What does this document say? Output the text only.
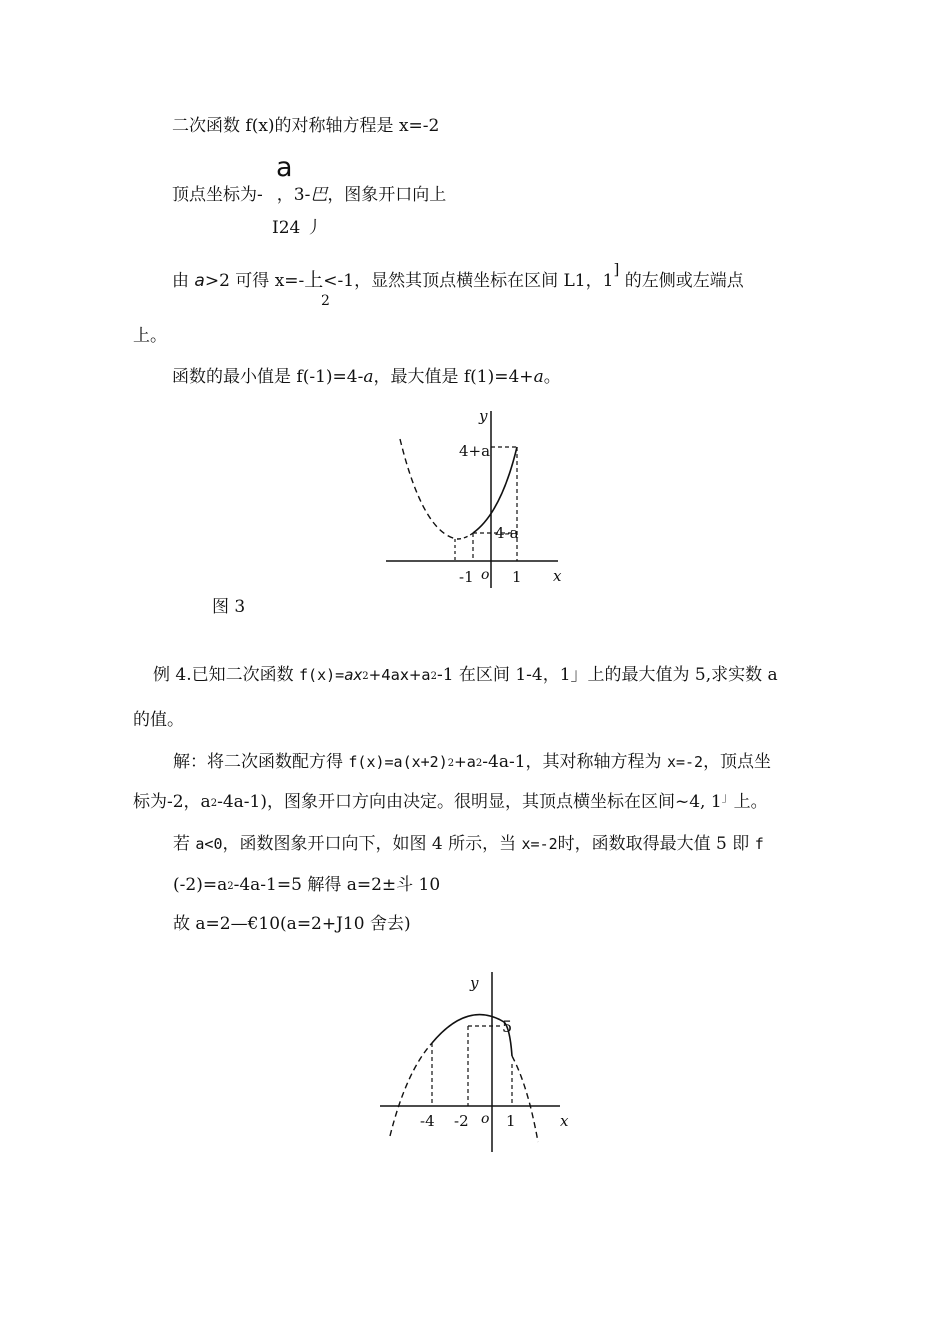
二次函数 f(x)的对称轴方程是 x=-2
a
顶点坐标为- ，3-巴，图象开口向上
I24 丿
由 a>2 可得 x=-上<-1，显然其顶点横坐标在区间 L1，1] 的左侧或左端点
2
上。
函数的最小值是 f(-1)=4-a，最大值是 f(1)=4+a。
y
4+a
4-a
-1 o 1 x
图 3
例 4.已知二次函数 f(x)=ax2+4ax+a2-1 在区间 1-4，1」上的最大值为 5,求实数 a
的值。
解：将二次函数配方得 f(x)=a(x+2)2+a2-4a-1，其对称轴方程为 x=-2，顶点坐
标为-2，a2-4a-1)，图象开口方向由决定。很明显，其顶点横坐标在区间~4, 1」上。
若 a<0，函数图象开口向下，如图 4 所示，当 x=-2时，函数取得最大值 5 即 f
(-2)=a2-4a-1=5 解得 a=2±斗 10
故 a=2—€10(a=2+J10 舍去)
y
5
-4 -2 o 1	x
